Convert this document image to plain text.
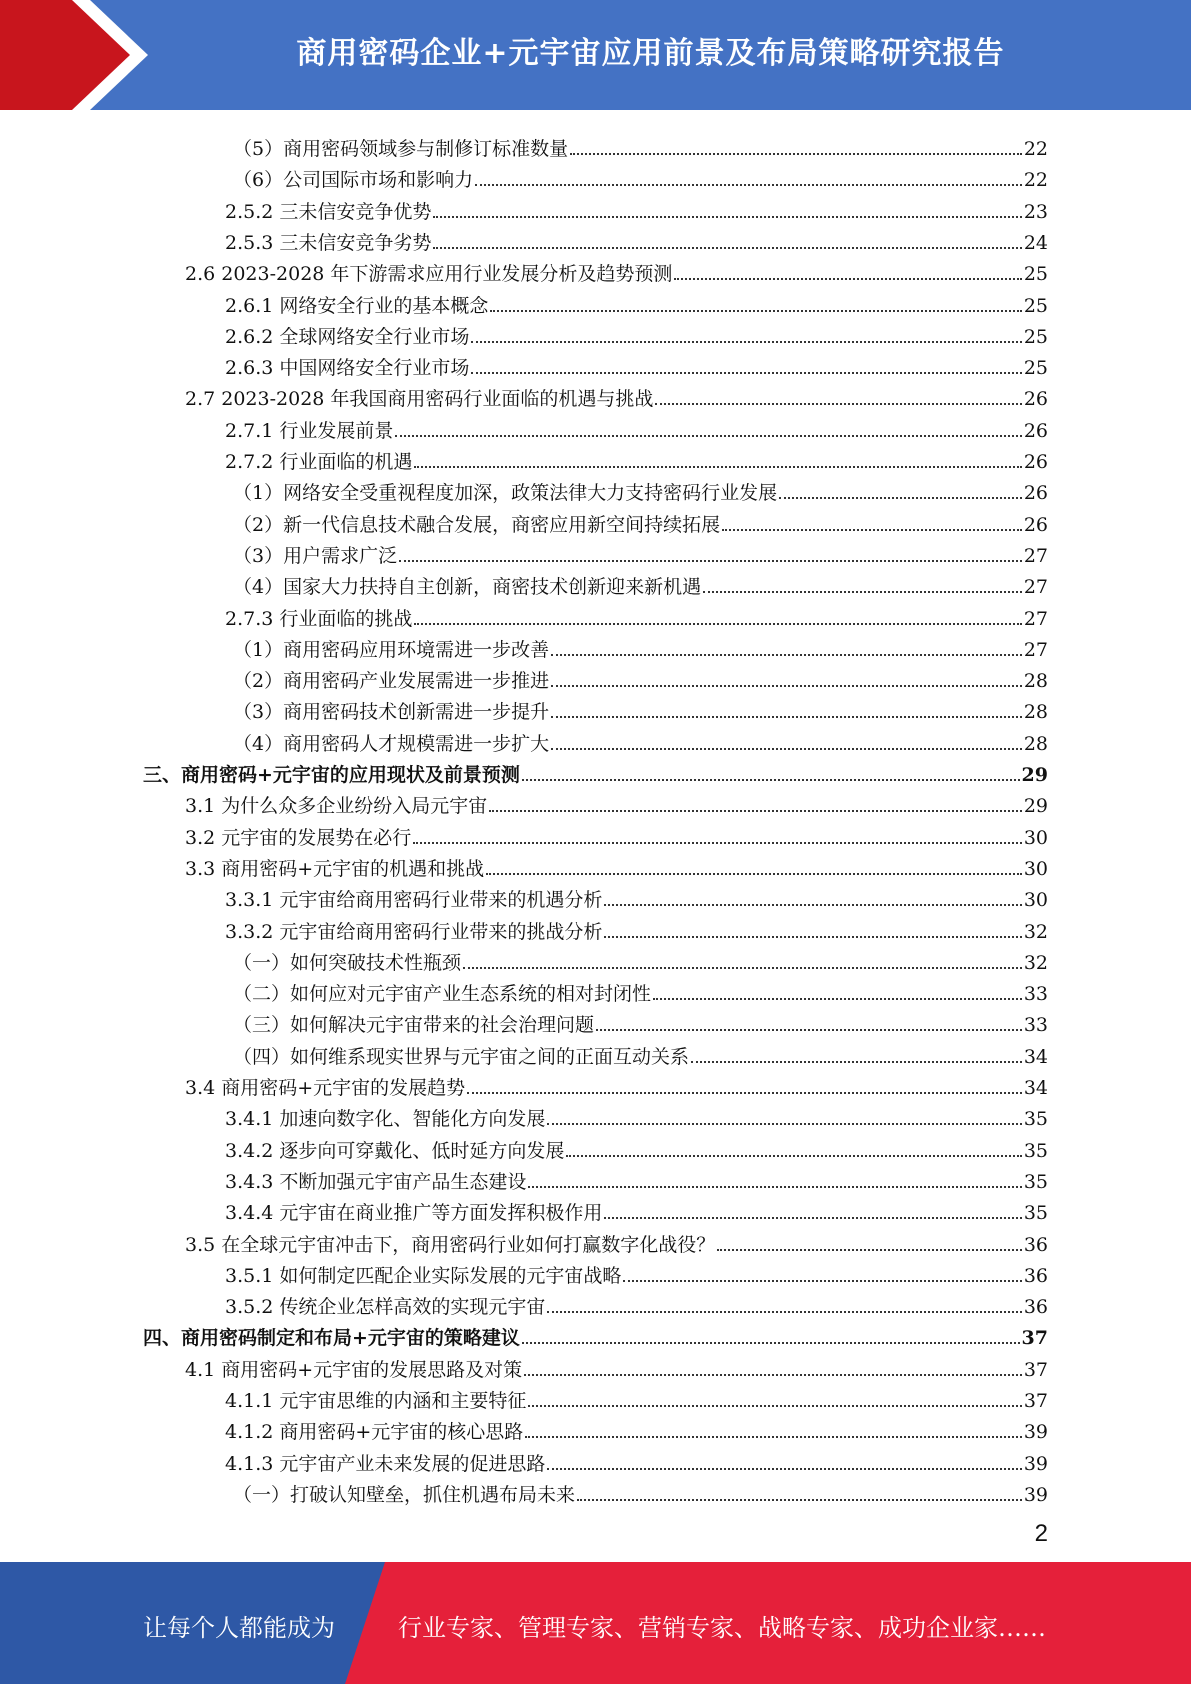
商用密码企业+元宇宙应用前景及布局策略研究报告
（5）商用密码领域参与制修订标准数量	22
（6）公司国际市场和影响力	22
2.5.2 三未信安竞争优势	23
2.5.3 三未信安竞争劣势	24
2.6 2023-2028 年下游需求应用行业发展分析及趋势预测	25
2.6.1 网络安全行业的基本概念	25
2.6.2 全球网络安全行业市场	25
2.6.3 中国网络安全行业市场	25
2.7 2023-2028 年我国商用密码行业面临的机遇与挑战	26
2.7.1 行业发展前景	26
2.7.2 行业面临的机遇	26
（1）网络安全受重视程度加深，政策法律大力支持密码行业发展	26
（2）新一代信息技术融合发展，商密应用新空间持续拓展	26
（3）用户需求广泛	27
（4）国家大力扶持自主创新，商密技术创新迎来新机遇	27
2.7.3 行业面临的挑战	27
（1）商用密码应用环境需进一步改善	27
（2）商用密码产业发展需进一步推进	28
（3）商用密码技术创新需进一步提升	28
（4）商用密码人才规模需进一步扩大	28
三、商用密码+元宇宙的应用现状及前景预测	29
3.1 为什么众多企业纷纷入局元宇宙	29
3.2 元宇宙的发展势在必行	30
3.3 商用密码+元宇宙的机遇和挑战	30
3.3.1 元宇宙给商用密码行业带来的机遇分析	30
3.3.2 元宇宙给商用密码行业带来的挑战分析	32
（一）如何突破技术性瓶颈	32
（二）如何应对元宇宙产业生态系统的相对封闭性	33
（三）如何解决元宇宙带来的社会治理问题	33
（四）如何维系现实世界与元宇宙之间的正面互动关系	34
3.4 商用密码+元宇宙的发展趋势	34
3.4.1 加速向数字化、智能化方向发展	35
3.4.2 逐步向可穿戴化、低时延方向发展	35
3.4.3 不断加强元宇宙产品生态建设	35
3.4.4 元宇宙在商业推广等方面发挥积极作用	35
3.5 在全球元宇宙冲击下，商用密码行业如何打赢数字化战役？	36
3.5.1 如何制定匹配企业实际发展的元宇宙战略	36
3.5.2 传统企业怎样高效的实现元宇宙	36
四、商用密码制定和布局+元宇宙的策略建议	37
4.1 商用密码+元宇宙的发展思路及对策	37
4.1.1 元宇宙思维的内涵和主要特征	37
4.1.2 商用密码+元宇宙的核心思路	39
4.1.3 元宇宙产业未来发展的促进思路	39
（一）打破认知壁垒，抓住机遇布局未来	39
2
让每个人都能成为	行业专家、管理专家、营销专家、战略专家、成功企业家……
